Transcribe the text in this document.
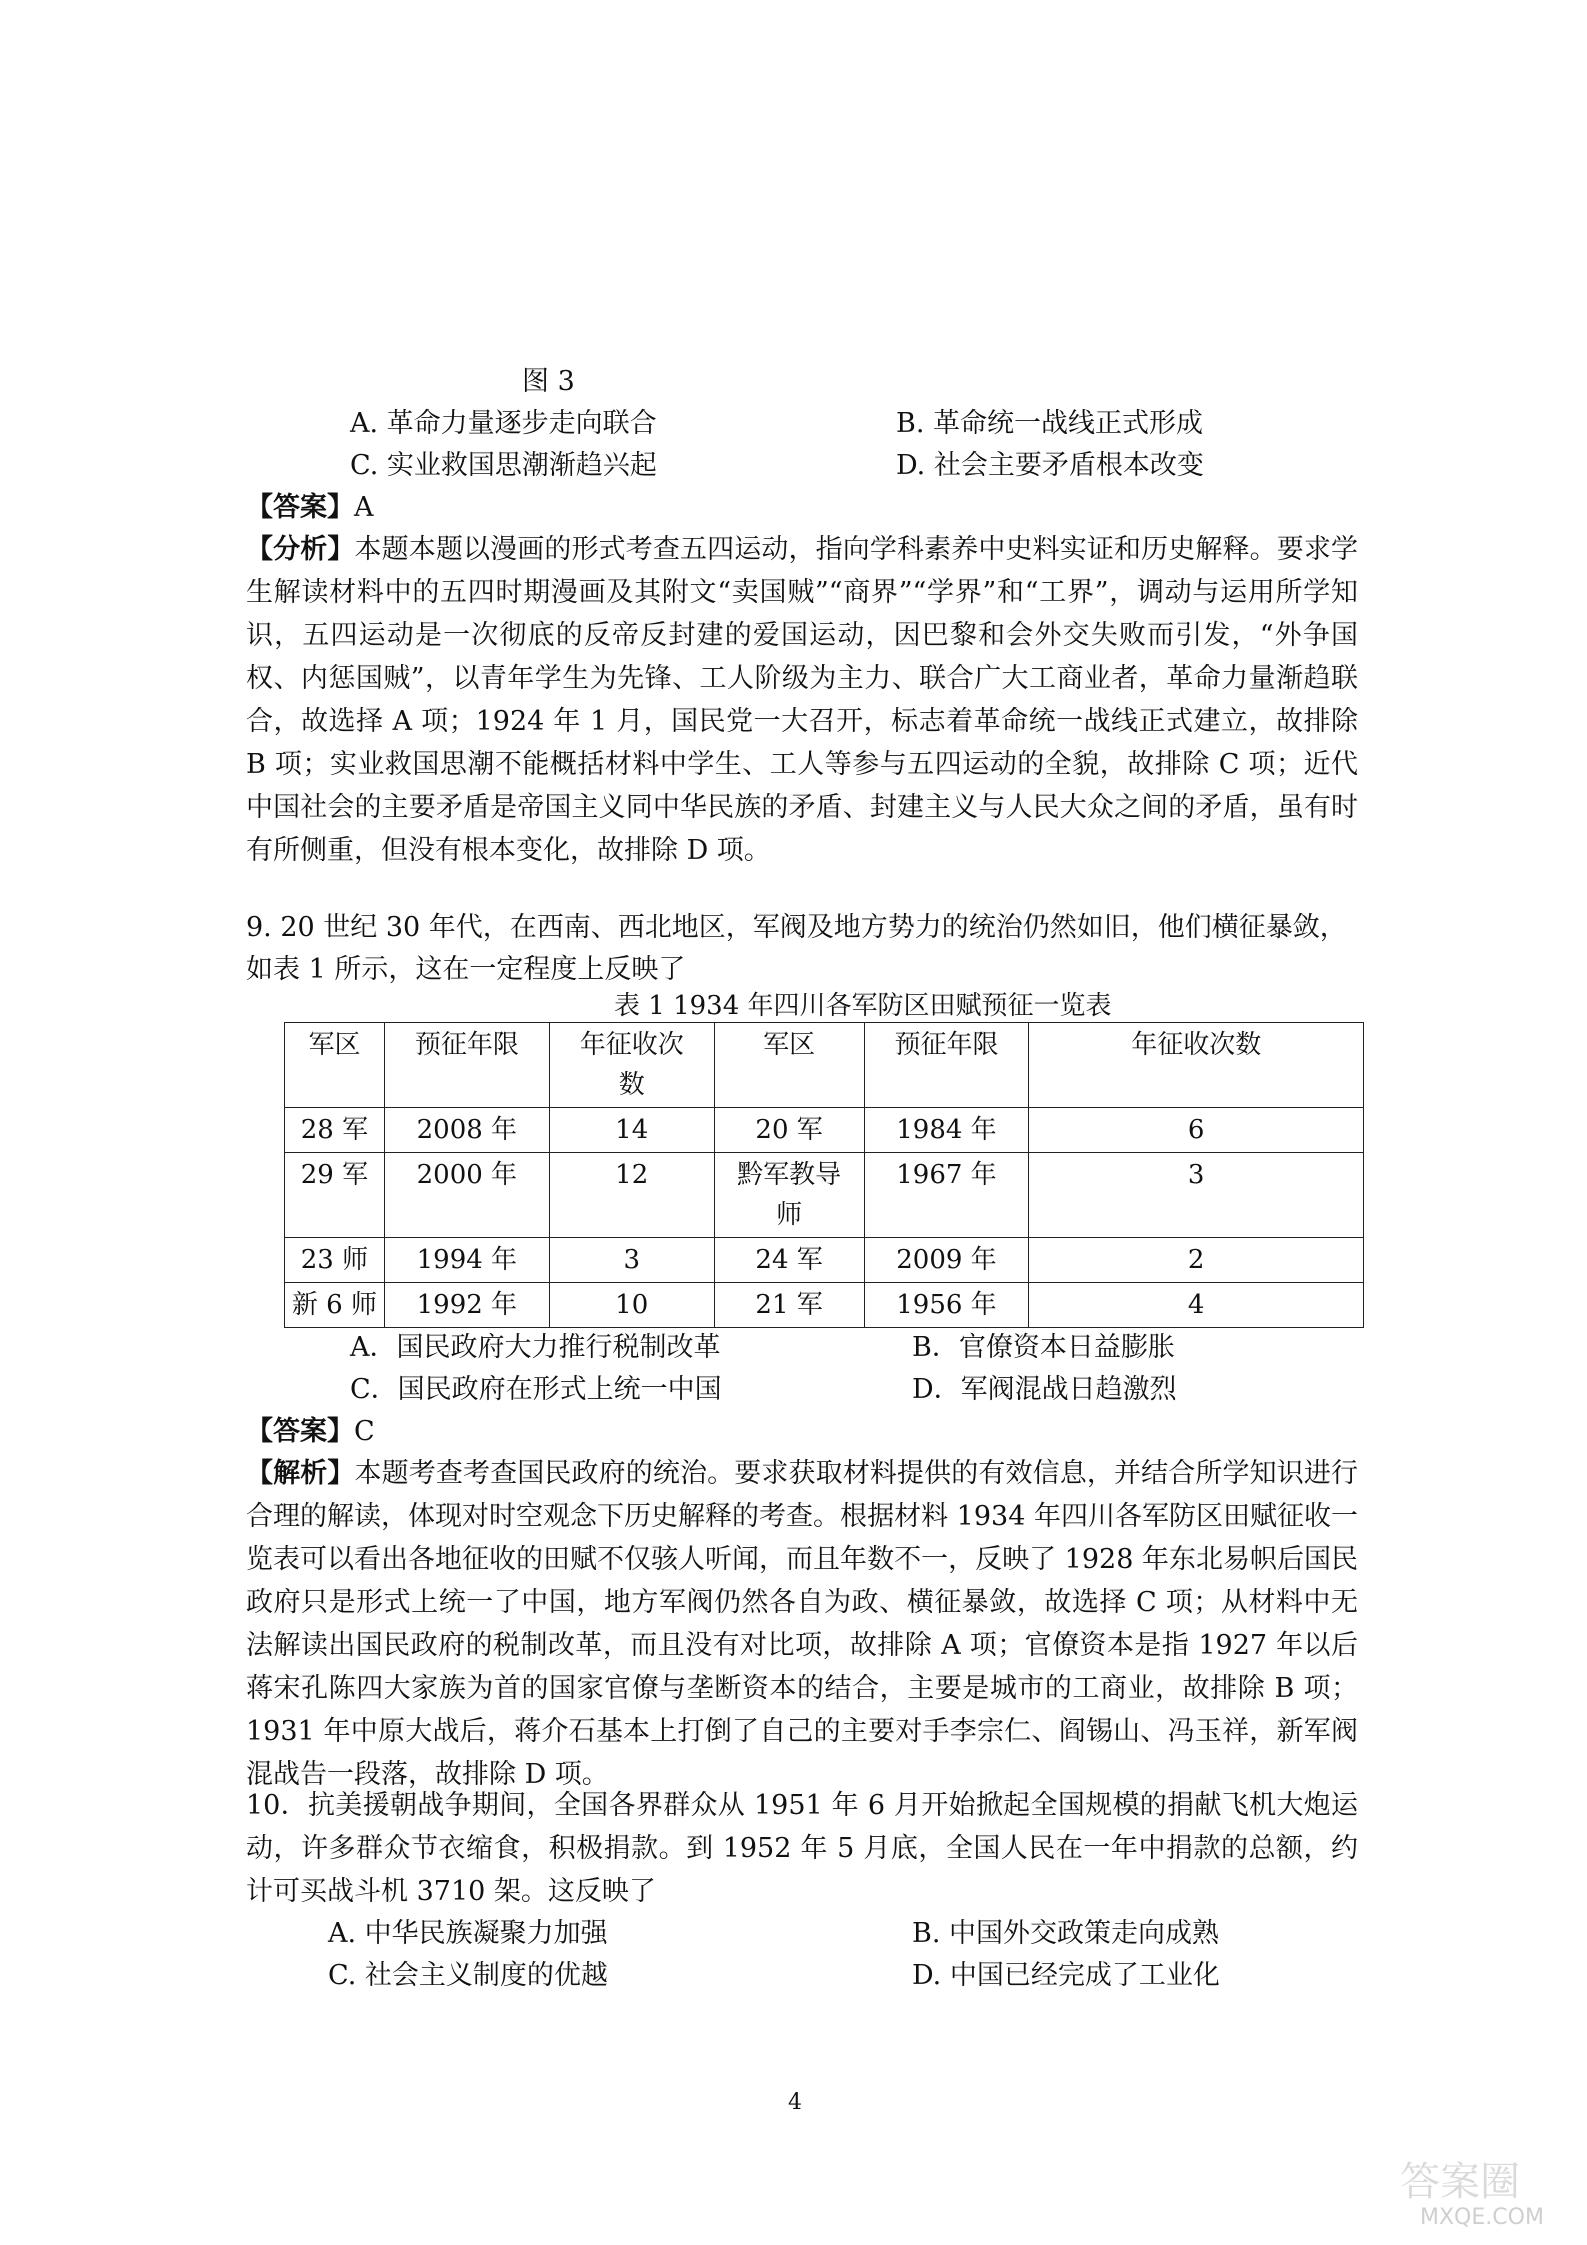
图 3
A. 革命力量逐步走向联合	B. 革命统一战线正式形成
C. 实业救国思潮渐趋兴起	D. 社会主要矛盾根本改变
【答案】A
【分析】本题本题以漫画的形式考查五四运动，指向学科素养中史料实证和历史解释。要求学生解读材料中的五四时期漫画及其附文“卖国贼”“商界”“学界”和“工界”，调动与运用所学知识，五四运动是一次彻底的反帝反封建的爱国运动，因巴黎和会外交失败而引发，“外争国权、内惩国贼”，以青年学生为先锋、工人阶级为主力、联合广大工商业者，革命力量渐趋联合，故选择 A 项；1924 年 1 月，国民党一大召开，标志着革命统一战线正式建立，故排除 B 项；实业救国思潮不能概括材料中学生、工人等参与五四运动的全貌，故排除 C 项；近代中国社会的主要矛盾是帝国主义同中华民族的矛盾、封建主义与人民大众之间的矛盾，虽有时有所侧重，但没有根本变化，故排除 D 项。
9. 20 世纪 30 年代，在西南、西北地区，军阀及地方势力的统治仍然如旧，他们横征暴敛，
如表 1 所示，这在一定程度上反映了
表 1 1934 年四川各军防区田赋预征一览表
军区	预征年限	年征收次数	军区	预征年限	年征收次数
28 军	2008 年	14	20 军	1984 年	6
29 军	2000 年	12	黔军教导师	1967 年	3
23 师	1994 年	3	24 军	2009 年	2
新 6 师	1992 年	10	21 军	1956 年	4
A．国民政府大力推行税制改革	B．官僚资本日益膨胀
C．国民政府在形式上统一中国	D．军阀混战日趋激烈
【答案】C
【解析】本题考查考查国民政府的统治。要求获取材料提供的有效信息，并结合所学知识进行合理的解读，体现对时空观念下历史解释的考查。根据材料 1934 年四川各军防区田赋征收一览表可以看出各地征收的田赋不仅骇人听闻，而且年数不一，反映了 1928 年东北易帜后国民政府只是形式上统一了中国，地方军阀仍然各自为政、横征暴敛，故选择 C 项；从材料中无法解读出国民政府的税制改革，而且没有对比项，故排除 A 项；官僚资本是指 1927 年以后蒋宋孔陈四大家族为首的国家官僚与垄断资本的结合，主要是城市的工商业，故排除 B 项；1931 年中原大战后，蒋介石基本上打倒了自己的主要对手李宗仁、阎锡山、冯玉祥，新军阀混战告一段落，故排除 D 项。
10．抗美援朝战争期间，全国各界群众从 1951 年 6 月开始掀起全国规模的捐献飞机大炮运动，许多群众节衣缩食，积极捐款。到 1952 年 5 月底，全国人民在一年中捐款的总额，约计可买战斗机 3710 架。这反映了
A. 中华民族凝聚力加强	B. 中国外交政策走向成熟
C. 社会主义制度的优越	D. 中国已经完成了工业化
4
答案圈
MXQE.COM
